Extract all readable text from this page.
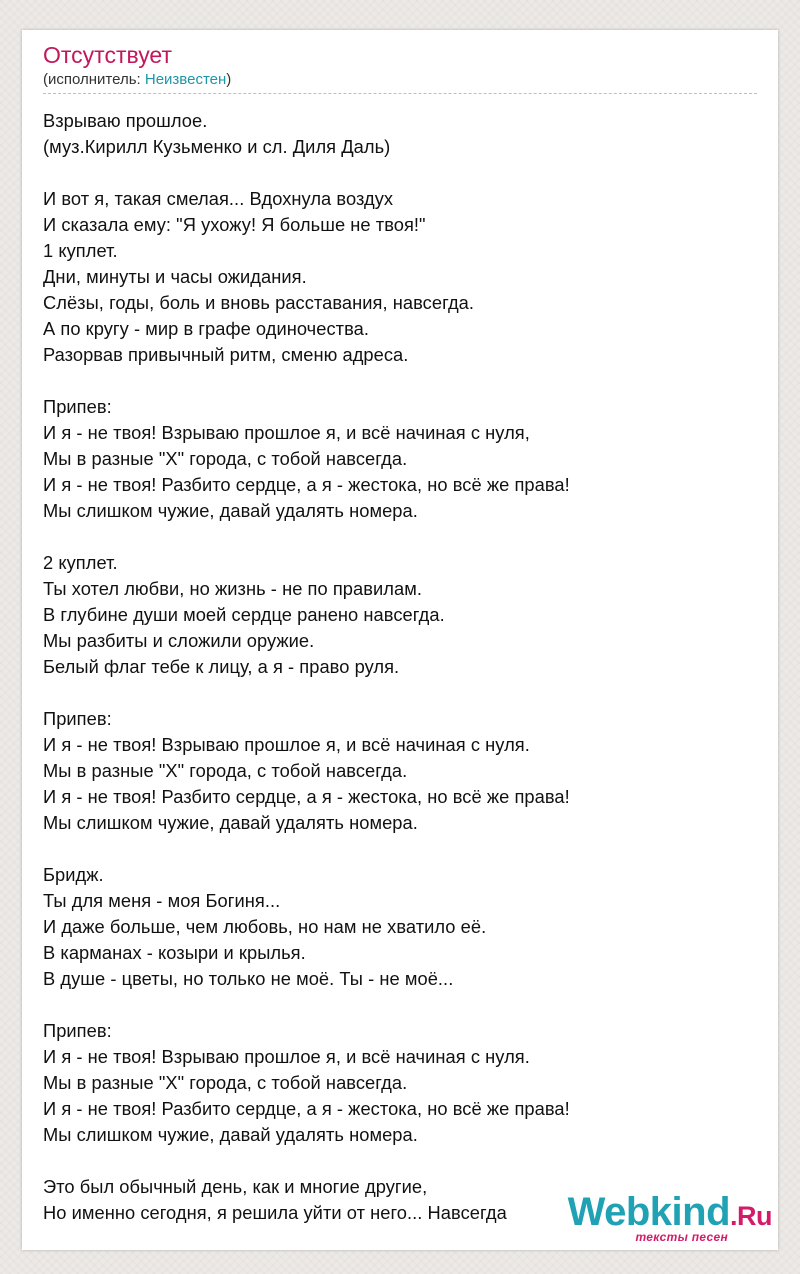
Отсутствует
(исполнитель: Неизвестен)
Взрываю прошлое.
(муз.Кирилл Кузьменко и сл. Диля Даль)

И вот я, такая смелая... Вдохнула воздух
И сказала ему: "Я ухожу! Я больше не твоя!"
1 куплет.
Дни, минуты и часы ожидания.
Слёзы, годы, боль и вновь расставания, навсегда.
А по кругу - мир в графе одиночества.
Разорвав привычный ритм, сменю адреса.

Припев:
И я - не твоя! Взрываю прошлое я, и всё начиная с нуля,
Мы в разные "Х" города, с тобой навсегда.
И я - не твоя! Разбито сердце, а я - жестока, но всё же права!
Мы слишком чужие, давай удалять номера.

2 куплет.
Ты хотел любви, но жизнь - не по правилам.
В глубине души моей сердце ранено навсегда.
Мы разбиты и сложили оружие.
Белый флаг тебе к лицу, а я - право руля.

Припев:
И я - не твоя! Взрываю прошлое я, и всё начиная с нуля.
Мы в разные "Х" города, с тобой навсегда.
И я - не твоя! Разбито сердце, а я - жестока, но всё же права!
Мы слишком чужие, давай удалять номера.

Бридж.
Ты для меня - моя Богиня...
И даже больше, чем любовь, но нам не хватило её.
В карманах - козыри и крылья.
В душе - цветы, но только не моё. Ты - не моё...

Припев:
И я - не твоя! Взрываю прошлое я, и всё начиная с нуля.
Мы в разные "Х" города, с тобой навсегда.
И я - не твоя! Разбито сердце, а я - жестока, но всё же права!
Мы слишком чужие, давай удалять номера.

Это был обычный день, как и многие другие,
Но именно сегодня, я решила уйти от него... Навсегда	Webkind.Ru
тексты песен
